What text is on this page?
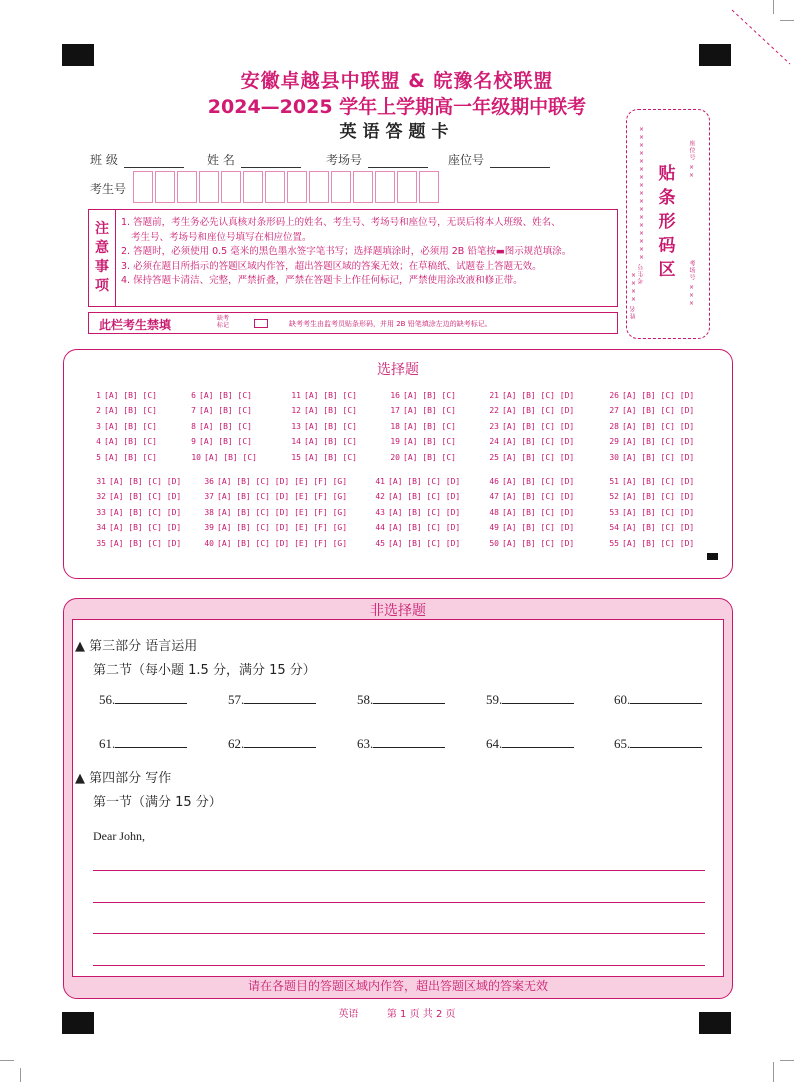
安徽卓越县中联盟 & 皖豫名校联盟
2024—2025 学年上学期高一年级期中联考
英语答题卡
班 级	姓 名	考场号	座位号
考生号
注
意
事
项
1. 答题前，考生务必先认真核对条形码上的姓名、考生号、考场号和座位号，无误后将本人班级、姓名、
考生号、考场号和座位号填写在相应位置。
2. 答题时，必须使用 0.5 毫米的黑色墨水签字笔书写；选择题填涂时，必须用 2B 铅笔按▬图示规范填涂。
3. 必须在题目所指示的答题区域内作答，超出答题区域的答案无效；在草稿纸、试题卷上答题无效。
4. 保持答题卡清洁、完整，严禁折叠，严禁在答题卡上作任何标记，严禁使用涂改液和修正带。
此栏考生禁填	缺考
标记	缺考考生由监考员贴条形码，并用 2B 铅笔填涂左边的缺考标记。
贴
条
形
码
区
考生号 ×××××××××××××××××
姓名 ××××
座位号 ××
考场号 ×××
选择题
1 [A] [B] [C]
2 [A] [B] [C]
3 [A] [B] [C]
4 [A] [B] [C]
5 [A] [B] [C]
6 [A] [B] [C]
7 [A] [B] [C]
8 [A] [B] [C]
9 [A] [B] [C]
10 [A] [B] [C]
11 [A] [B] [C]
12 [A] [B] [C]
13 [A] [B] [C]
14 [A] [B] [C]
15 [A] [B] [C]
16 [A] [B] [C]
17 [A] [B] [C]
18 [A] [B] [C]
19 [A] [B] [C]
20 [A] [B] [C]
21 [A] [B] [C] [D]
22 [A] [B] [C] [D]
23 [A] [B] [C] [D]
24 [A] [B] [C] [D]
25 [A] [B] [C] [D]
26 [A] [B] [C] [D]
27 [A] [B] [C] [D]
28 [A] [B] [C] [D]
29 [A] [B] [C] [D]
30 [A] [B] [C] [D]
31 [A] [B] [C] [D]
32 [A] [B] [C] [D]
33 [A] [B] [C] [D]
34 [A] [B] [C] [D]
35 [A] [B] [C] [D]
36 [A] [B] [C] [D] [E] [F] [G]
37 [A] [B] [C] [D] [E] [F] [G]
38 [A] [B] [C] [D] [E] [F] [G]
39 [A] [B] [C] [D] [E] [F] [G]
40 [A] [B] [C] [D] [E] [F] [G]
41 [A] [B] [C] [D]
42 [A] [B] [C] [D]
43 [A] [B] [C] [D]
44 [A] [B] [C] [D]
45 [A] [B] [C] [D]
46 [A] [B] [C] [D]
47 [A] [B] [C] [D]
48 [A] [B] [C] [D]
49 [A] [B] [C] [D]
50 [A] [B] [C] [D]
51 [A] [B] [C] [D]
52 [A] [B] [C] [D]
53 [A] [B] [C] [D]
54 [A] [B] [C] [D]
55 [A] [B] [C] [D]
非选择题
▲ 第三部分 语言运用
第二节（每小题 1.5 分，满分 15 分）
56.	57.	58.	59.	60.
61.	62.	63.	64.	65.
▲ 第四部分 写作
第一节（满分 15 分）
Dear John,
请在各题目的答题区域内作答，超出答题区域的答案无效
英语	第 1 页 共 2 页
